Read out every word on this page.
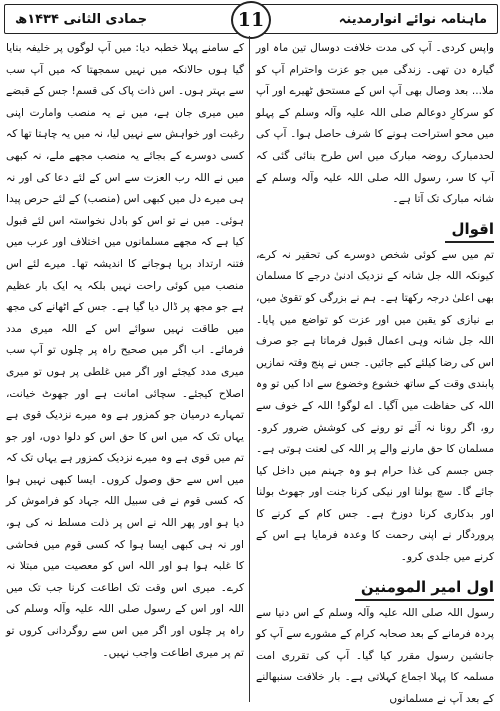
جمادی الثانی ۱۴۳۴ھ	ماہنامہ نوائے انوارمدینہ
11

واپس کردی۔ آپ کی مدت خلافت دوسال تین ماہ اور گیارہ دن تھی۔ زندگی میں جو عزت واحترام آپ کو ملا... بعد وصال بھی آپ اس کے مستحق ٹھیرے اور آپ کو سرکارِ دوعالم صلی اللہ علیہ وآلہ وسلم کے پہلو میں محو استراحت ہونے کا شرف حاصل ہوا۔ آپ کی لحدمبارک روضہ مبارک میں اس طرح بنائی گئی کہ آپ کا سر، رسول اللہ صلی اللہ علیہ وآلہ وسلم کے شانہ مبارک تک آتا ہے۔

اقوال

تم میں سے کوئی شخص دوسرے کی تحقیر نہ کرے، کیونکہ اللہ جل شانہ کے نزدیک ادنیٰ درجے کا مسلمان بھی اعلیٰ درجہ رکھتا ہے۔ ہم نے بزرگی کو تقویٰ میں، بے نیازی کو یقین میں اور عزت کو تواضع میں پایا۔ اللہ جل شانہ وہی اعمال قبول فرماتا ہے جو صرف اس کی رضا کیلئے کیے جائیں۔ جس نے پنج وقتہ نمازیں پابندی وقت کے ساتھ خشوع وخضوع سے ادا کیں تو وہ اللہ کی حفاظت میں آگیا۔ اے لوگو! اللہ کے خوف سے رو، اگر رونا نہ آئے تو رونے کی کوشش ضرور کرو۔ مسلمان کا حق مارنے والے پر اللہ کی لعنت ہوتی ہے۔ جس جسم کی غذا حرام ہو وہ جہنم میں داخل کیا جائے گا۔ سچ بولنا اور نیکی کرنا جنت اور جھوٹ بولنا اور بدکاری کرنا دوزخ ہے۔ جس کام کے کرنے کا پروردگار نے اپنی رحمت کا وعدہ فرمایا ہے اس کے کرنے میں جلدی کرو۔

اول امیر المومنین

رسول اللہ صلی اللہ علیہ وآلہ وسلم کے اس دنیا سے پردہ فرمانے کے بعد صحابہ کرام کے مشورے سے آپ کو جانشین رسول مقرر کیا گیا۔ آپ کی تقرری امت مسلمہ کا پہلا اجماع کہلاتی ہے۔ بار خلافت سنبھالنے کے بعد آپ نے مسلمانوں

کے سامنے پہلا خطبہ دیا: میں آپ لوگوں پر خلیفہ بنایا گیا ہوں حالانکہ میں نہیں سمجھتا کہ میں آپ سب سے بہتر ہوں۔ اس ذات پاک کی قسم! جس کے قبضے میں میری جان ہے، میں نے یہ منصب وامارت اپنی رغبت اور خواہش سے نہیں لیا، نہ میں یہ چاہتا تھا کہ کسی دوسرے کے بجائے یہ منصب مجھے ملے، نہ کبھی میں نے اللہ رب العزت سے اس کے لئے دعا کی اور نہ ہی میرے دل میں کبھی اس (منصب) کے لئے حرص پیدا ہوئی۔ میں نے تو اس کو بادل نخواستہ اس لئے قبول کیا ہے کہ مجھے مسلمانوں میں اختلاف اور عرب میں فتنہ ارتداد برپا ہوجانے کا اندیشہ تھا۔ میرے لئے اس منصب میں کوئی راحت نہیں بلکہ یہ ایک بار عظیم ہے جو مجھ پر ڈال دیا گیا ہے۔ جس کے اٹھانے کی مجھ میں طاقت نہیں سوائے اس کے اللہ میری مدد فرمائے۔ اب اگر میں صحیح راہ پر چلوں تو آپ سب میری مدد کیجئے اور اگر میں غلطی پر ہوں تو میری اصلاح کیجئے۔ سچائی امانت ہے اور جھوٹ خیانت، تمہارے درمیان جو کمزور ہے وہ میرے نزدیک قوی ہے یہاں تک کہ میں اس کا حق اس کو دلوا دوں، اور جو تم میں قوی ہے وہ میرے نزدیک کمزور ہے یہاں تک کہ میں اس سے حق وصول کروں۔ ایسا کبھی نہیں ہوا کہ کسی قوم نے فی سبیل اللہ جہاد کو فراموش کر دیا ہو اور پھر اللہ نے اس پر ذلت مسلط نہ کی ہو، اور نہ ہی کبھی ایسا ہوا کہ کسی قوم میں فحاشی کا غلبہ ہوا ہو اور اللہ اس کو معصیت میں مبتلا نہ کرے۔ میری اس وقت تک اطاعت کرنا جب تک میں اللہ اور اس کے رسول صلی اللہ علیہ وآلہ وسلم کی راہ پر چلوں اور اگر میں اس سے روگردانی کروں تو تم پر میری اطاعت واجب نہیں۔
